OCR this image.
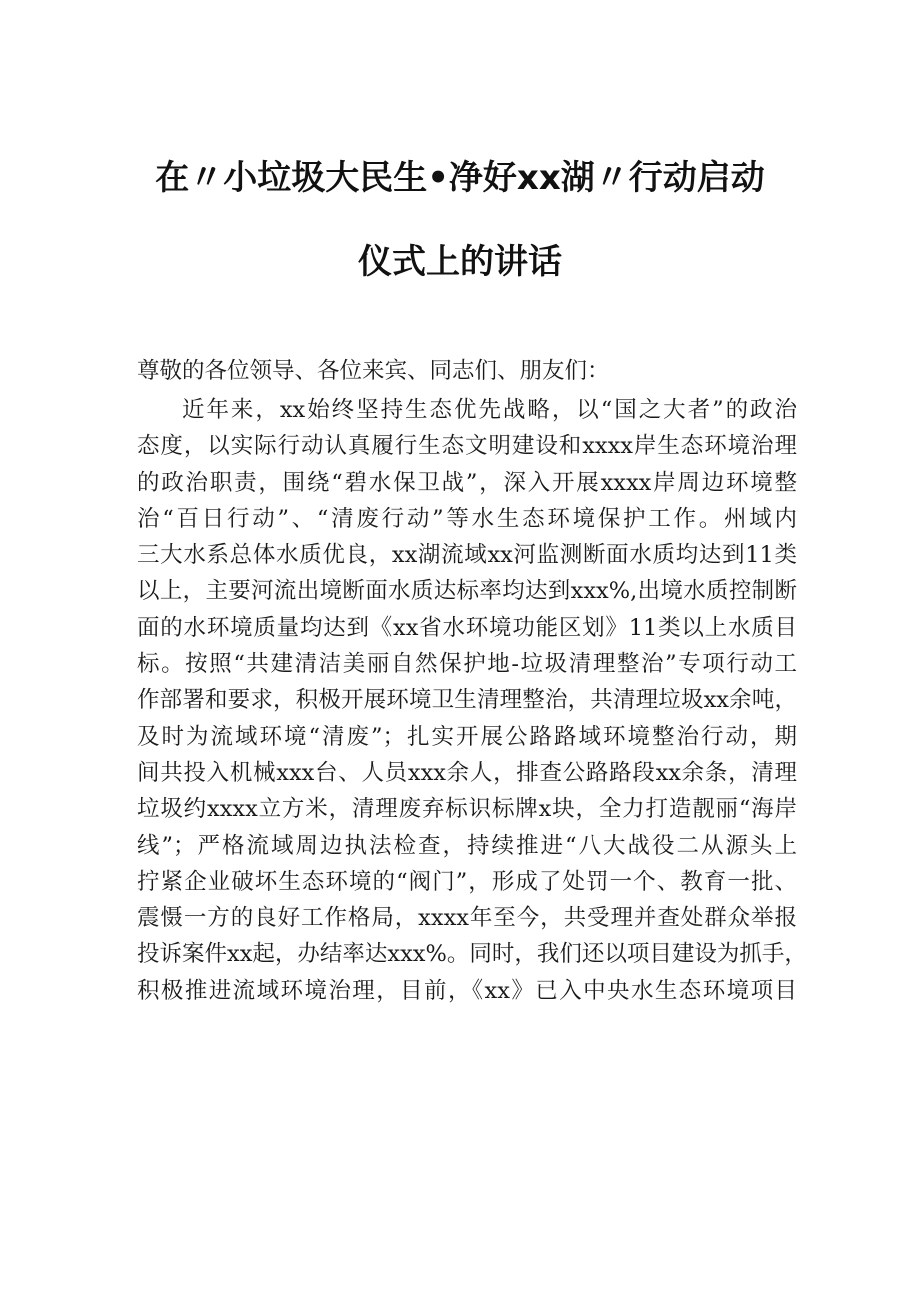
在〃小垃圾大民生•净好xx湖〃行动启动
仪式上的讲话

尊敬的各位领导、各位来宾、同志们、朋友们：

近年来，xx始终坚持生态优先战略，以“国之大者”的政治
态度，以实际行动认真履行生态文明建设和xxxx岸生态环境治理
的政治职责，围绕“碧水保卫战”，深入开展xxxx岸周边环境整
治“百日行动”、“清废行动”等水生态环境保护工作。州域内
三大水系总体水质优良，xx湖流域xx河监测断面水质均达到11类
以上，主要河流出境断面水质达标率均达到xxx%,出境水质控制断
面的水环境质量均达到《xx省水环境功能区划》11类以上水质目
标。按照“共建清洁美丽自然保护地-垃圾清理整治”专项行动工
作部署和要求，积极开展环境卫生清理整治，共清理垃圾xx余吨，
及时为流域环境“清废”；扎实开展公路路域环境整治行动，期
间共投入机械xxx台、人员xxx余人，排查公路路段xx余条，清理
垃圾约xxxx立方米，清理废弃标识标牌x块，全力打造靓丽“海岸
线”；严格流域周边执法检查，持续推进“八大战役二从源头上
拧紧企业破坏生态环境的“阀门”，形成了处罚一个、教育一批、
震慑一方的良好工作格局，xxxx年至今，共受理并查处群众举报
投诉案件xx起，办结率达xxx%。同时，我们还以项目建设为抓手，
积极推进流域环境治理，目前，《xx》已入中央水生态环境项目
